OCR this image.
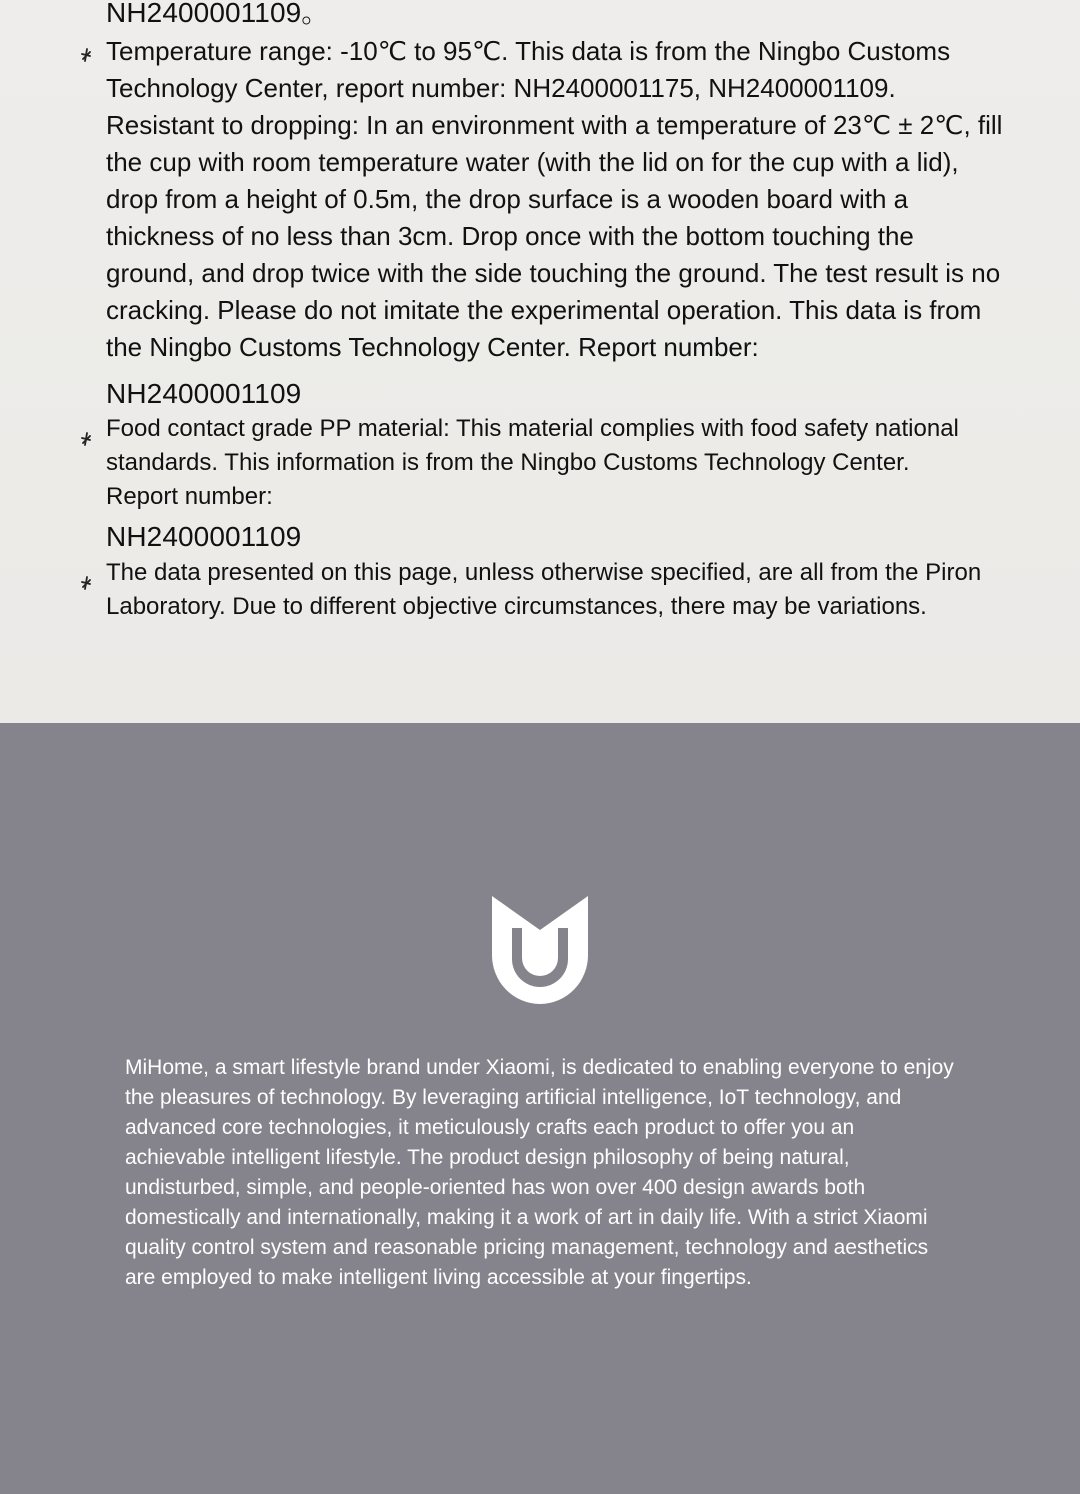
NH2400001109。

Temperature range: -10℃ to 95℃. This data is from the Ningbo Customs Technology Center, report number: NH2400001175, NH2400001109. Resistant to dropping: In an environment with a temperature of 23℃ ± 2℃, fill the cup with room temperature water (with the lid on for the cup with a lid), drop from a height of 0.5m, the drop surface is a wooden board with a thickness of no less than 3cm. Drop once with the bottom touching the ground, and drop twice with the side touching the ground. The test result is no cracking. Please do not imitate the experimental operation. This data is from the Ningbo Customs Technology Center. Report number:

NH2400001109

Food contact grade PP material: This material complies with food safety national standards. This information is from the Ningbo Customs Technology Center. Report number:

NH2400001109

The data presented on this page, unless otherwise specified, are all from the Piron Laboratory. Due to different objective circumstances, there may be variations.

MiHome, a smart lifestyle brand under Xiaomi, is dedicated to enabling everyone to enjoy the pleasures of technology. By leveraging artificial intelligence, IoT technology, and advanced core technologies, it meticulously crafts each product to offer you an achievable intelligent lifestyle. The product design philosophy of being natural, undisturbed, simple, and people-oriented has won over 400 design awards both domestically and internationally, making it a work of art in daily life. With a strict Xiaomi quality control system and reasonable pricing management, technology and aesthetics are employed to make intelligent living accessible at your fingertips.
